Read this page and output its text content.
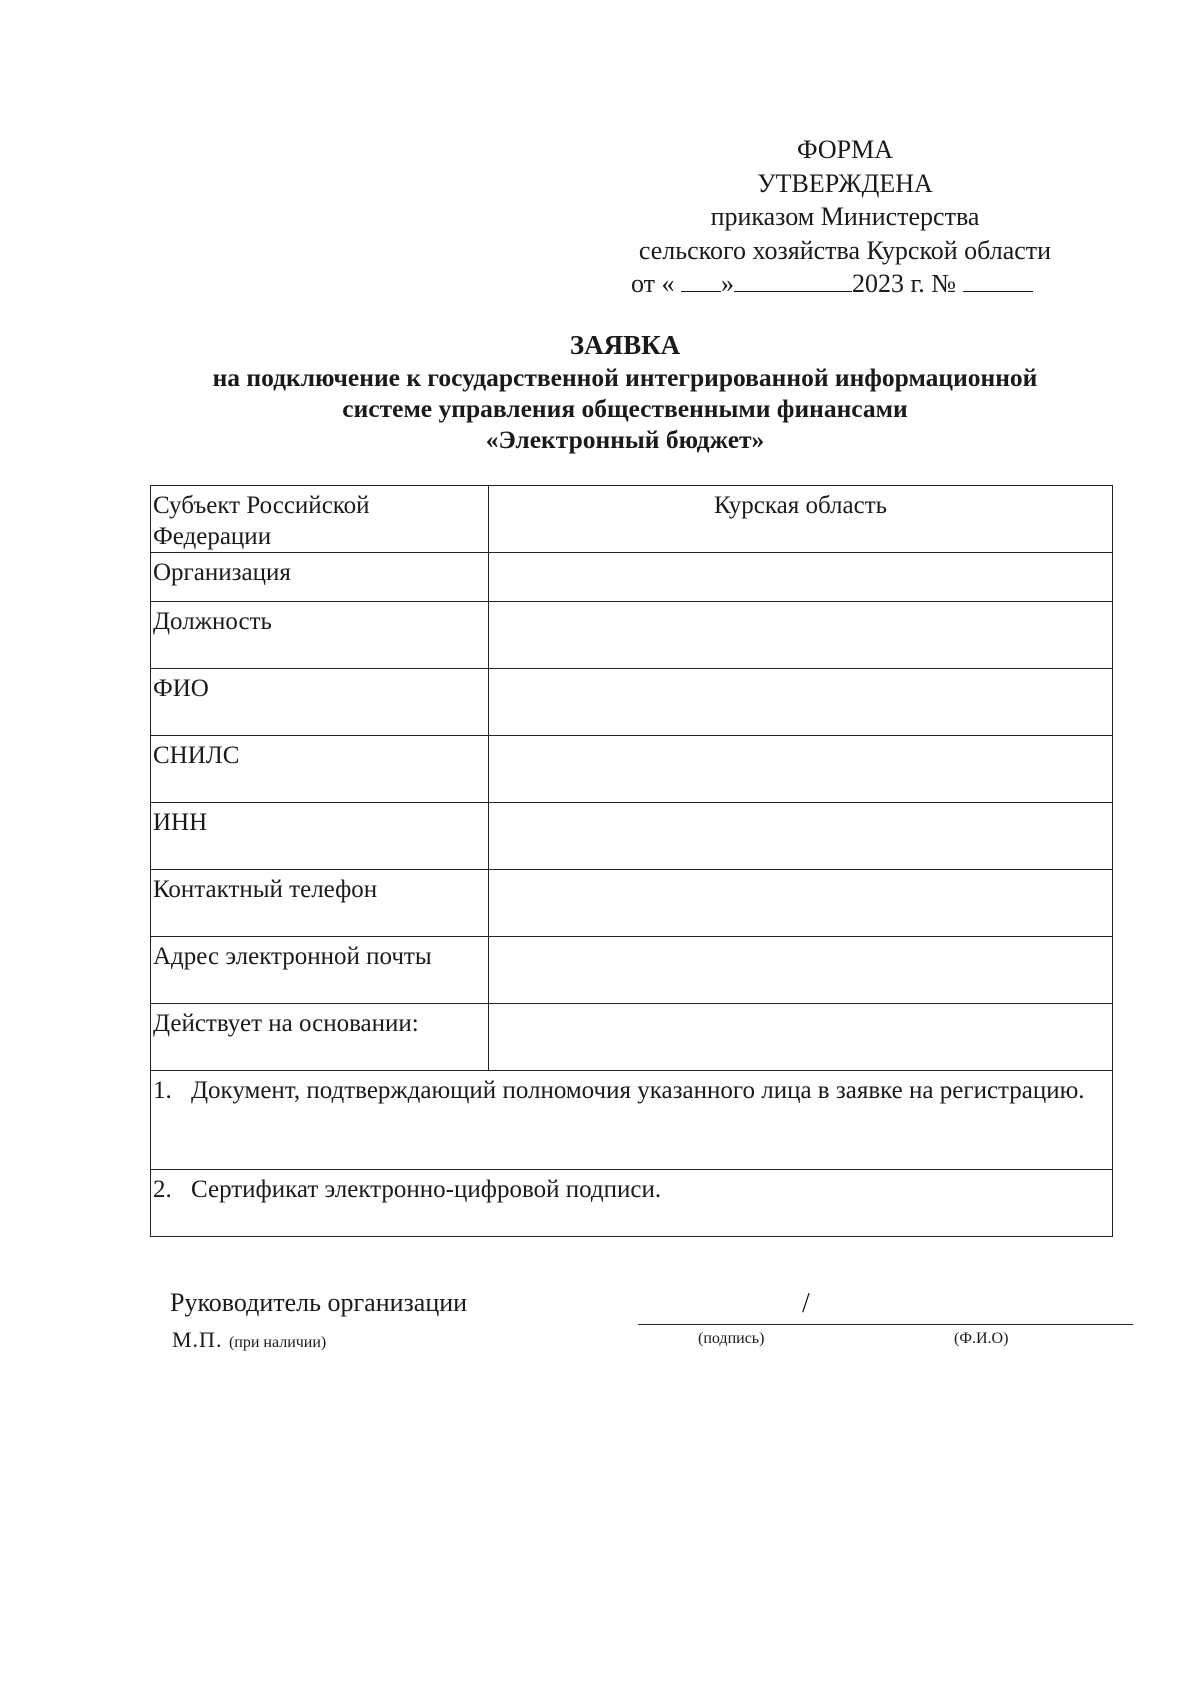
ФОРМА
УТВЕРЖДЕНА
приказом Министерства
сельского хозяйства Курской области
от « »	2023 г. №
ЗАЯВКА
на подключение к государственной интегрированной информационной
системе управления общественными финансами
«Электронный бюджет»
Субъект Российской Федерации	Курская область
Организация	
Должность	
ФИО	
СНИЛС	
ИНН	
Контактный телефон	
Адрес электронной почты	
Действует на основании:	

1. Документ, подтверждающий полномочия указанного лица в заявке на регистрацию.	

2. Сертификат электронно-цифровой подписи.	
Руководитель организации
М.П. (при наличии)
/
(подпись)	(Ф.И.О)
